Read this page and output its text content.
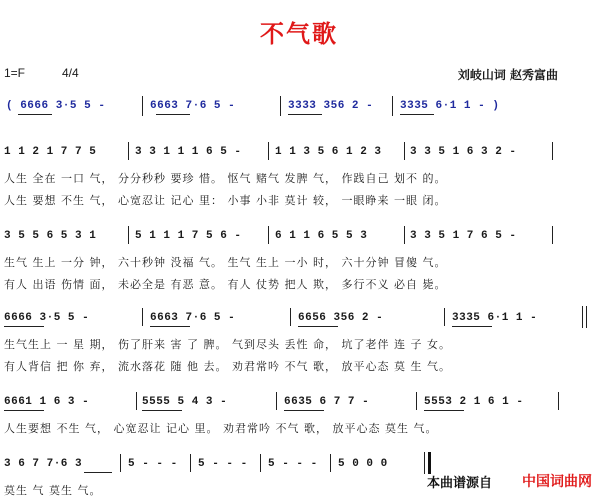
不气歌
1=F	4/4	刘岐山词 赵秀富曲
( 6666 3·5 5 -	6663 7·6 5 -	3333 356 2 - 3335 6·1 1 - )
1 1 2 1 7 7 5	3 3 1 1 1 6 5 -	1 1 3 5 6 1 2 3	3 3 5 1 6 3 2 -
人生 全在 一口 气， 分分秒秒 要珍 惜。 怄气 赌气 发脾 气， 作践自己 划不 的。
人生 要想 不生 气， 心宽忍让 记心 里： 小事 小非 莫计 较， 一眼睁来 一眼 闭。
3 5 5 6 5 3 1	5 1 1 1 7 5 6 -	6 1 1 6 5 5 3	3 3 5 1 7 6 5 -
生气 生上 一分 钟， 六十秒钟 没福 气。 生气 生上 一小 时， 六十分钟 冒傻 气。
有人 出语 伤情 面， 未必全是 有恶 意。 有人 仗势 把人 欺， 多行不义 必自 毙。
6666 3·5 5 -	6663 7·6 5 -	6656 356 2 -	3335 6·1 1 -
生气生上 一 星 期， 伤了肝来 害 了 脾。 气到尽头 丢性 命， 坑了老伴 连 子 女。
有人背信 把 你 弃， 流水落花 随 他 去。 劝君常吟 不气 歌， 放平心态 莫 生 气。
6661 1 6 3 -	5555 5 4 3 -	6635 6 7 7 -	5553 2 1 6 1 -
人生要想 不生 气， 心宽忍让 记心 里。 劝君常吟 不气 歌， 放平心态 莫生 气。
3 6 7 7·6 3	5 - - - 5 - - - 5 - - - 5 0 0 0
莫生 气 莫生 气。	本曲谱源自 中国词曲网
